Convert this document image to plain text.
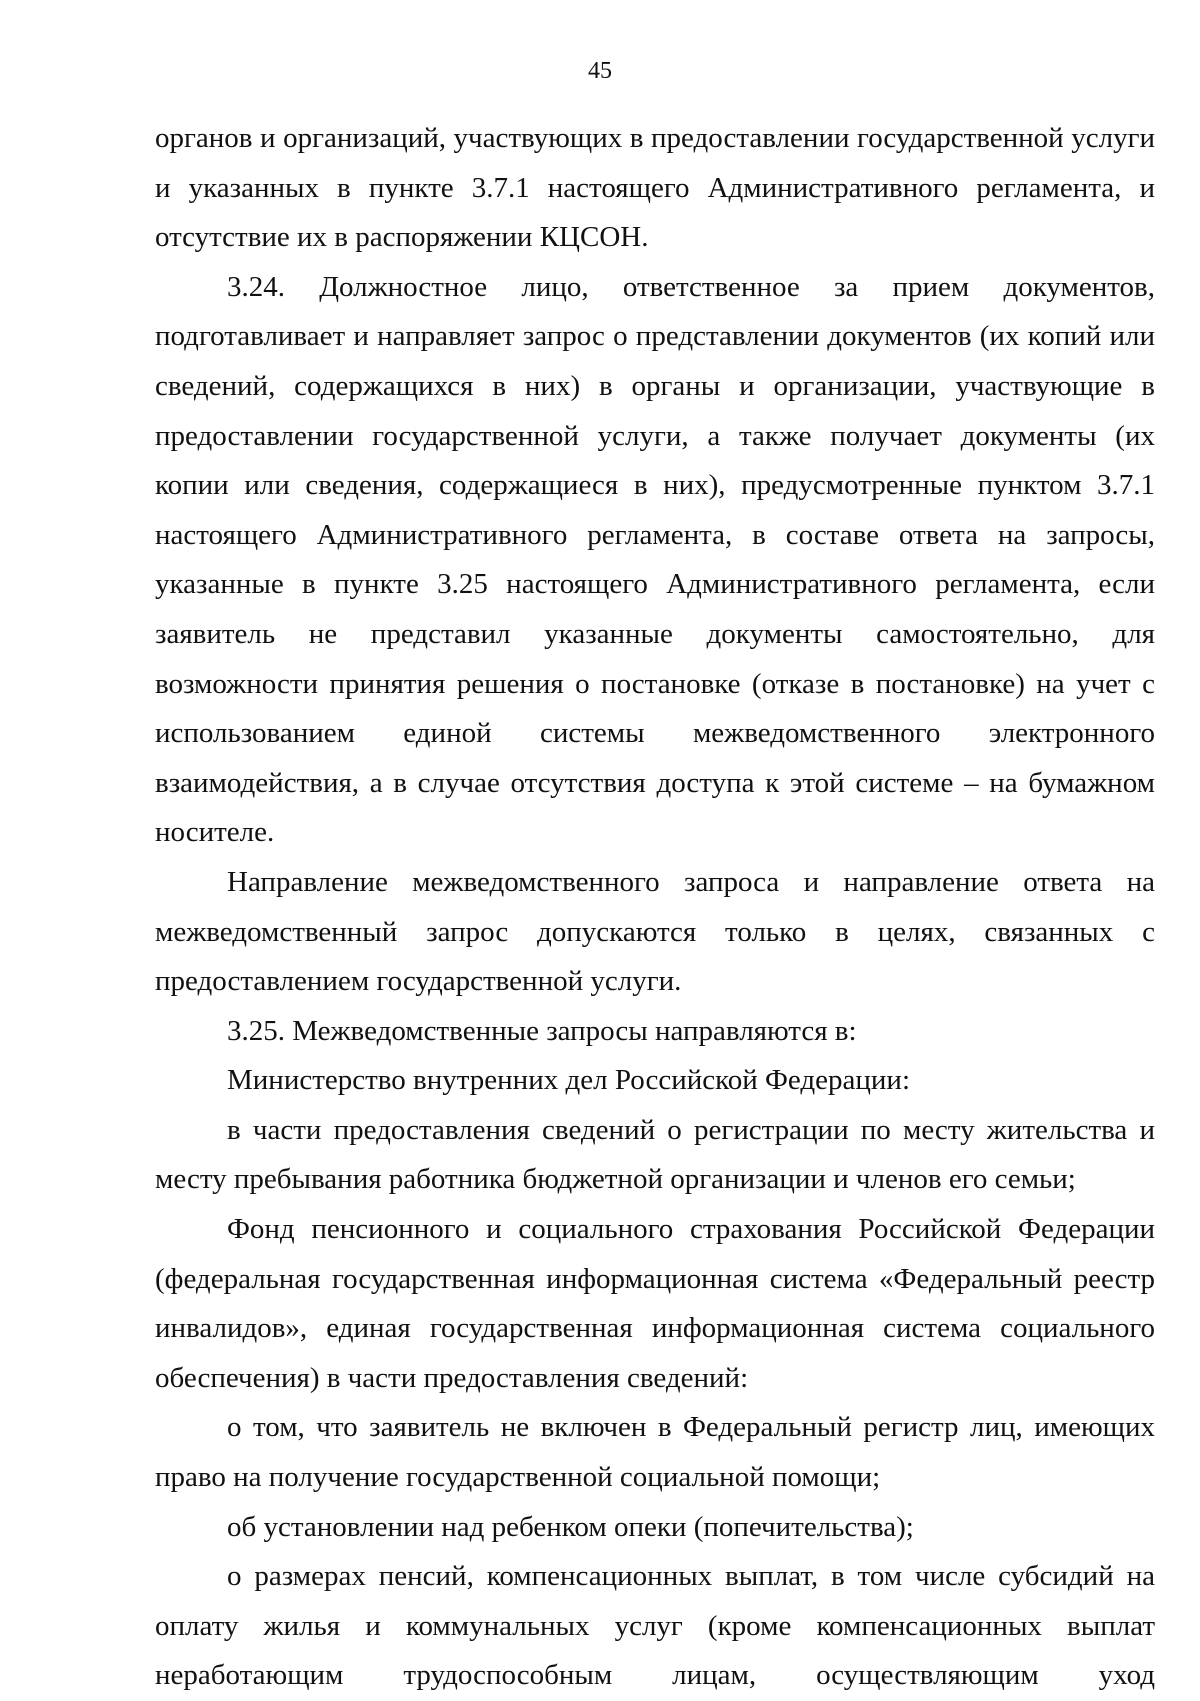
45

органов и организаций, участвующих в предоставлении государственной услуги и указанных в пункте 3.7.1 настоящего Административного регламента, и отсутствие их в распоряжении КЦСОН.

3.24. Должностное лицо, ответственное за прием документов, подготавливает и направляет запрос о представлении документов (их копий или сведений, содержащихся в них) в органы и организации, участвующие в предоставлении государственной услуги, а также получает документы (их копии или сведения, содержащиеся в них), предусмотренные пунктом 3.7.1 настоящего Административного регламента, в составе ответа на запросы, указанные в пункте 3.25 настоящего Административного регламента, если заявитель не представил указанные документы самостоятельно, для возможности принятия решения о постановке (отказе в постановке) на учет с использованием единой системы межведомственного электронного взаимодействия, а в случае отсутствия доступа к этой системе – на бумажном носителе.

Направление межведомственного запроса и направление ответа на межведомственный запрос допускаются только в целях, связанных с предоставлением государственной услуги.

3.25. Межведомственные запросы направляются в:

Министерство внутренних дел Российской Федерации:

в части предоставления сведений о регистрации по месту жительства и месту пребывания работника бюджетной организации и членов его семьи;

Фонд пенсионного и социального страхования Российской Федерации (федеральная государственная информационная система «Федеральный реестр инвалидов», единая государственная информационная система социального обеспечения) в части предоставления сведений:

о том, что заявитель не включен в Федеральный регистр лиц, имеющих право на получение государственной социальной помощи;

об установлении над ребенком опеки (попечительства);

о размерах пенсий, компенсационных выплат, в том числе субсидий на оплату жилья и коммунальных услуг (кроме компенсационных выплат неработающим трудоспособным лицам, осуществляющим уход
